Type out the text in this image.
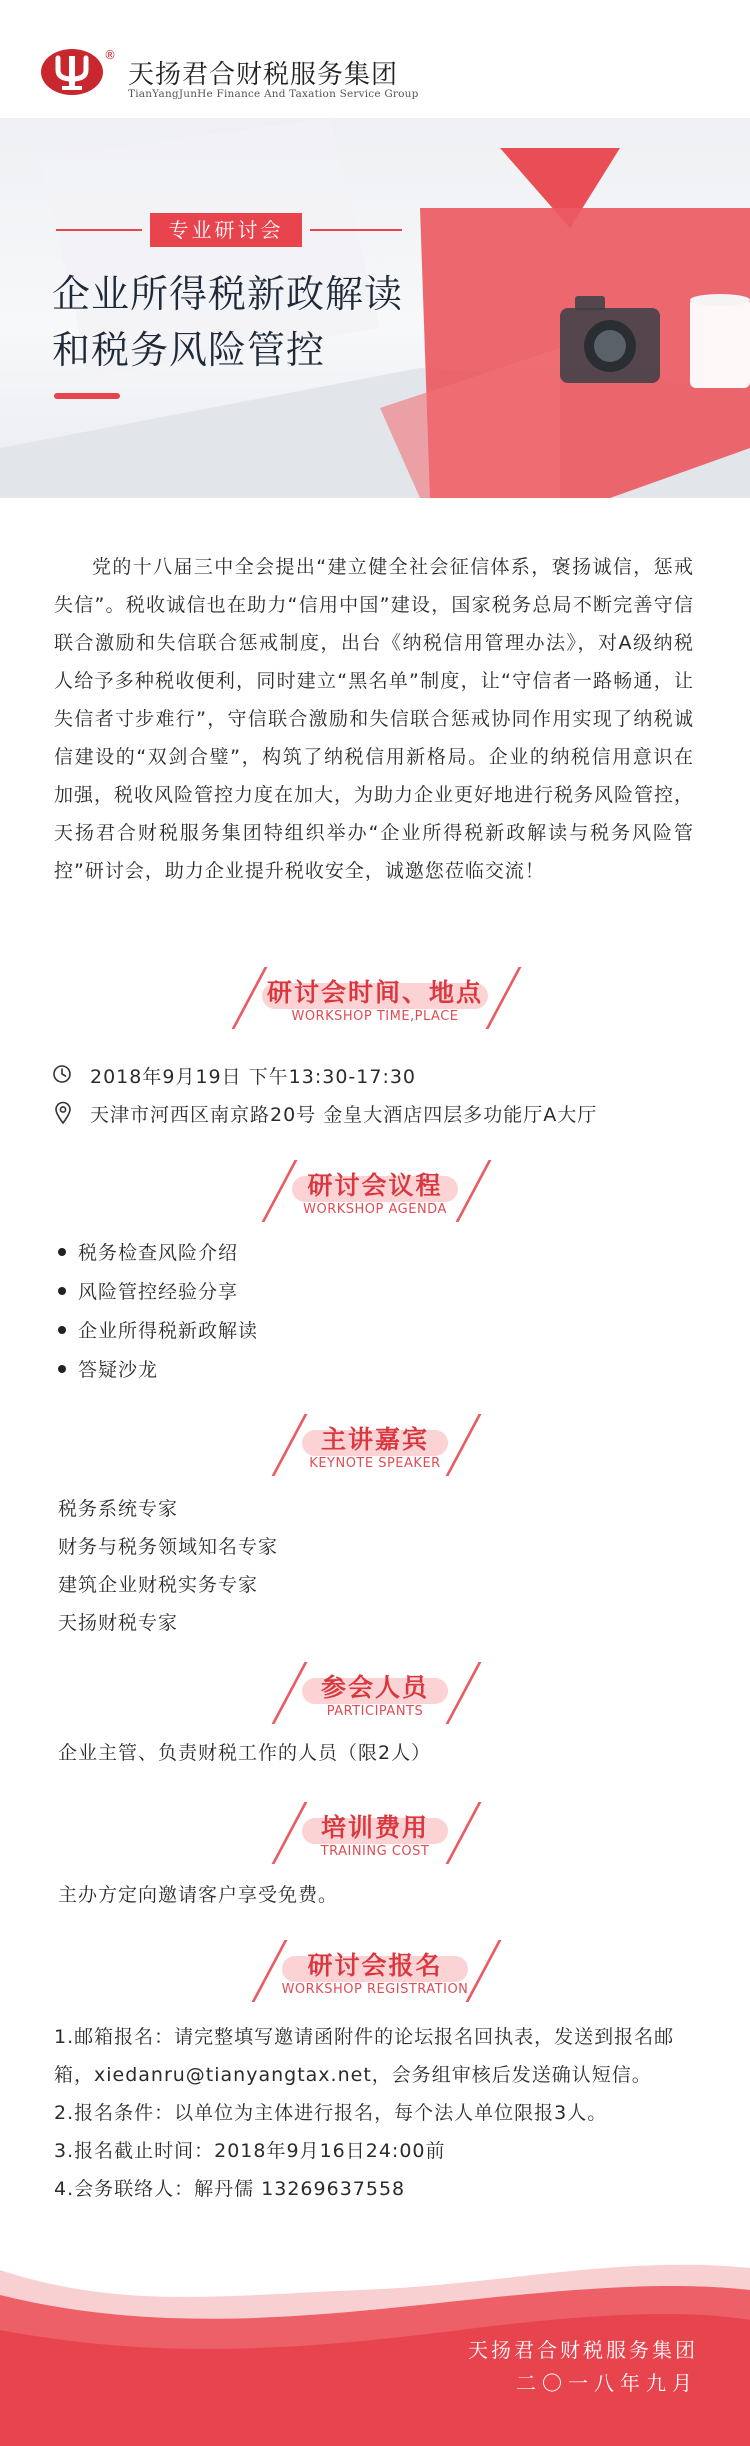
®
天扬君合财税服务集团
TianYangJunHe Finance And Taxation Service Group
专业研讨会
企业所得税新政解读
和税务风险管控
党的十八届三中全会提出“建立健全社会征信体系，褒扬诚信，惩戒失信”。税收诚信也在助力“信用中国”建设，国家税务总局不断完善守信联合激励和失信联合惩戒制度，出台《纳税信用管理办法》，对A级纳税人给予多种税收便利，同时建立“黑名单”制度，让“守信者一路畅通，让失信者寸步难行”，守信联合激励和失信联合惩戒协同作用实现了纳税诚信建设的“双剑合璧”，构筑了纳税信用新格局。企业的纳税信用意识在加强，税收风险管控力度在加大，为助力企业更好地进行税务风险管控，天扬君合财税服务集团特组织举办“企业所得税新政解读与税务风险管控”研讨会，助力企业提升税收安全，诚邀您莅临交流！
研讨会时间、地点
WORKSHOP TIME,PLACE
2018年9月19日 下午13:30-17:30
天津市河西区南京路20号 金皇大酒店四层多功能厅A大厅
研讨会议程
WORKSHOP AGENDA
税务检查风险介绍
风险管控经验分享
企业所得税新政解读
答疑沙龙
主讲嘉宾
KEYNOTE SPEAKER
税务系统专家
财务与税务领域知名专家
建筑企业财税实务专家
天扬财税专家
参会人员
PARTICIPANTS
企业主管、负责财税工作的人员（限2人）
培训费用
TRAINING COST
主办方定向邀请客户享受免费。
研讨会报名
WORKSHOP REGISTRATION
1.邮箱报名：请完整填写邀请函附件的论坛报名回执表，发送到报名邮箱，xiedanru@tianyangtax.net，会务组审核后发送确认短信。
2.报名条件：以单位为主体进行报名，每个法人单位限报3人。
3.报名截止时间：2018年9月16日24:00前
4.会务联络人：解丹儒 13269637558
天扬君合财税服务集团
二〇一八年九月
